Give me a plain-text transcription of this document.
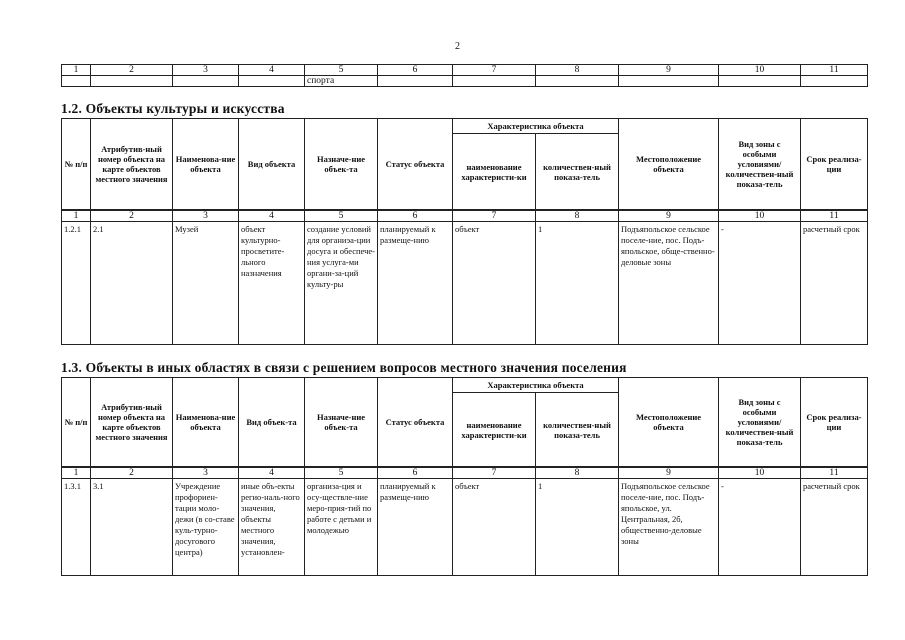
2
1	2	3	4	5	6	7	8	9	10	11
				спорта						
1.2. Объекты культуры и искусства
№ п/п	Атрибутив-ный номер объекта на карте объектов местного значения	Наименова-ние объекта	Вид объекта	Назначе-ние объек-та	Статус объекта	Характеристика объекта		Местоположение объекта	Вид зоны с особыми условиями/ количествен-ный показа-тель	Срок реализа-ции
						наименование характеристи-ки	количествен-ный показа-тель			
1	2	3	4	5	6	7	8	9	10	11
1.2.1	2.1	Музей	объект культурно-просветите-льного назначения	создание условий для органиэа-ции досуга и обеспече-ния услуга-ми органи-за-ций культу-ры	планируемый к размеще-нию	объект	1	Подъяпольское сельское поселе-ние, пос. Подъ-япольское, обще-ственно-деловые зоны	-	расчетный срок
1.3. Объекты в иных областях в связи с решением вопросов местного значения поселения
№ п/п	Атрибутив-ный номер объекта на карте объектов местного значения	Наименова-ние объекта	Вид объек-та	Назначе-ние объек-та	Статус объекта	Характеристика объекта		Местоположение объекта	Вид зоны с особыми условиями/ количествен-ный показа-тель	Срок реализа-ции
						наименование характеристи-ки	количествен-ный показа-тель			
1	2	3	4	5	6	7	8	9	10	11
1.3.1	3.1	Учреждение профориен-тации моло-дежи (в со-ставе куль-турно-досугового центра)	иные объ-екты регио-наль-ного значения, объекты местного значения, установлен-	организа-ция и осу-ществле-ние меро-прия-тий по работе с детьми и молодежью	планируемый к размеще-нию	объект	1	Подъяпольское сельское поселе-ние, пос. Подъ-япольское, ул. Центральная, 2б, общественно-деловые зоны	-	расчетный срок
